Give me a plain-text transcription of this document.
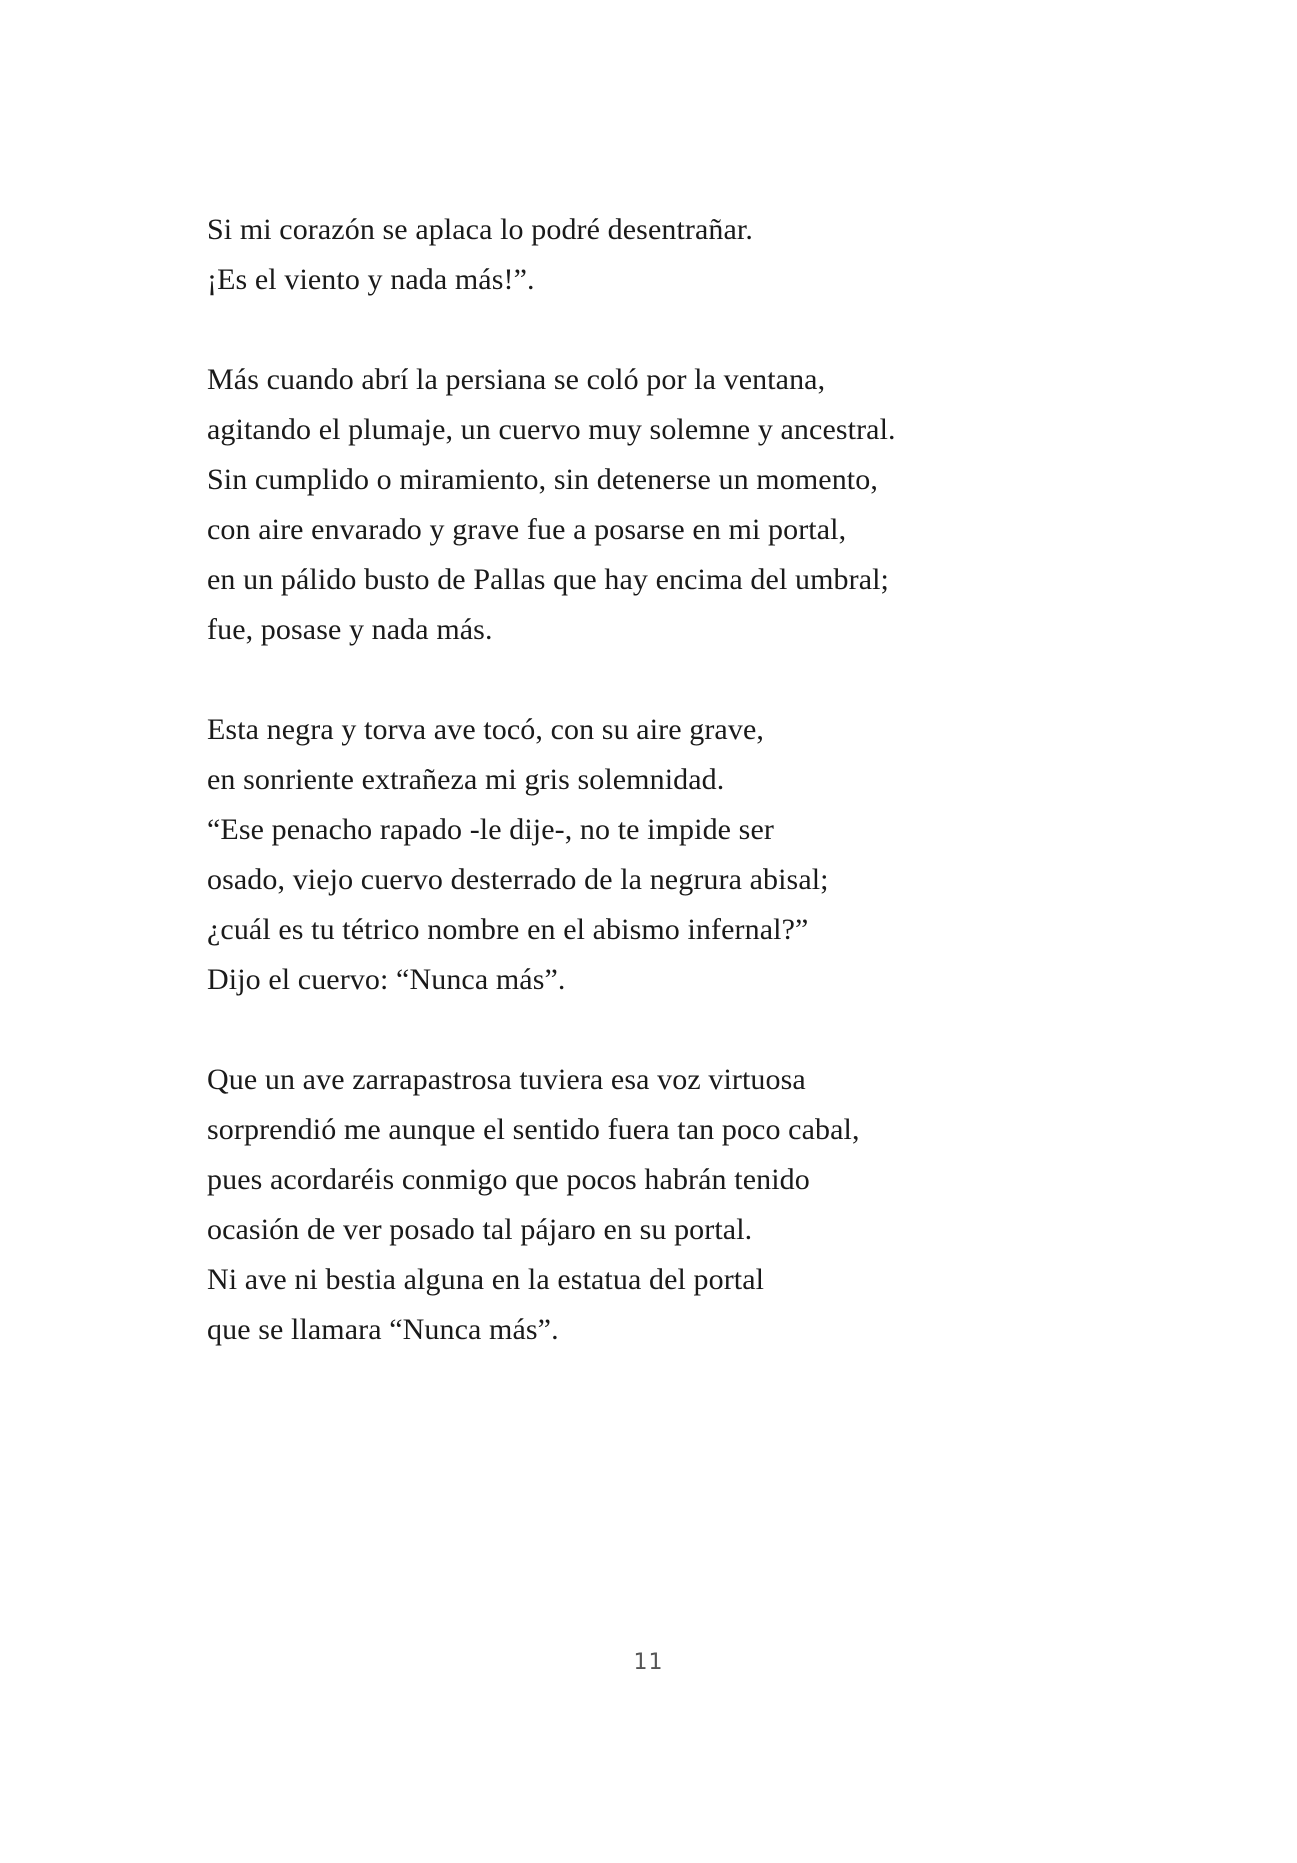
Si mi corazón se aplaca lo podré desentrañar.
¡Es el viento y nada más!”.
Más cuando abrí la persiana se coló por la ventana,
agitando el plumaje, un cuervo muy solemne y ancestral.
Sin cumplido o miramiento, sin detenerse un momento,
con aire envarado y grave fue a posarse en mi portal,
en un pálido busto de Pallas que hay encima del umbral;
fue, posase y nada más.
Esta negra y torva ave tocó, con su aire grave,
en sonriente extrañeza mi gris solemnidad.
“Ese penacho rapado -le dije-, no te impide ser
osado, viejo cuervo desterrado de la negrura abisal;
¿cuál es tu tétrico nombre en el abismo infernal?”
Dijo el cuervo: “Nunca más”.
Que un ave zarrapastrosa tuviera esa voz virtuosa
sorprendió me aunque el sentido fuera tan poco cabal,
pues acordaréis conmigo que pocos habrán tenido
ocasión de ver posado tal pájaro en su portal.
Ni ave ni bestia alguna en la estatua del portal
que se llamara “Nunca más”.
11
